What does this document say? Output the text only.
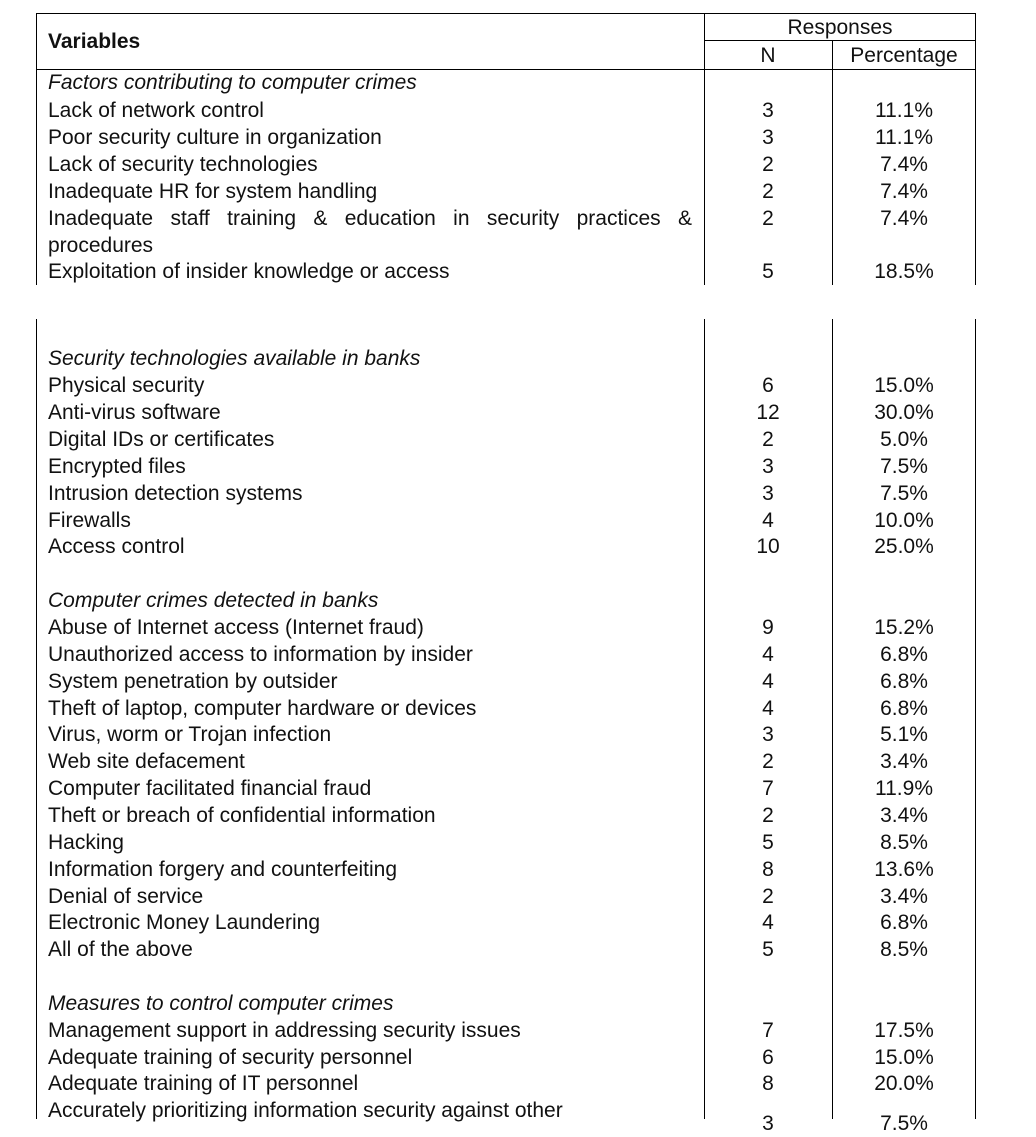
Variables
Responses
N	Percentage
Factors contributing to computer crimes
Lack of network control	3	11.1%
Poor security culture in organization	3	11.1%
Lack of security technologies	2	7.4%
Inadequate HR for system handling	2	7.4%
Inadequate staff training & education in security practices & procedures
2	7.4%
Exploitation of insider knowledge or access	5	18.5%
Security technologies available in banks
Physical security	6	15.0%
Anti-virus software	12	30.0%
Digital IDs or certificates	2	5.0%
Encrypted files	3	7.5%
Intrusion detection systems	3	7.5%
Firewalls	4	10.0%
Access control	10	25.0%
Computer crimes detected in banks
Abuse of Internet access (Internet fraud)	9	15.2%
Unauthorized access to information by insider	4	6.8%
System penetration by outsider	4	6.8%
Theft of laptop, computer hardware or devices	4	6.8%
Virus, worm or Trojan infection	3	5.1%
Web site defacement	2	3.4%
Computer facilitated financial fraud	7	11.9%
Theft or breach of confidential information	2	3.4%
Hacking	5	8.5%
Information forgery and counterfeiting	8	13.6%
Denial of service	2	3.4%
Electronic Money Laundering	4	6.8%
All of the above	5	8.5%
Measures to control computer crimes
Management support in addressing security issues	7	17.5%
Adequate training of security personnel	6	15.0%
Adequate training of IT personnel	8	20.0%
Accurately prioritizing information security against other
3	7.5%
